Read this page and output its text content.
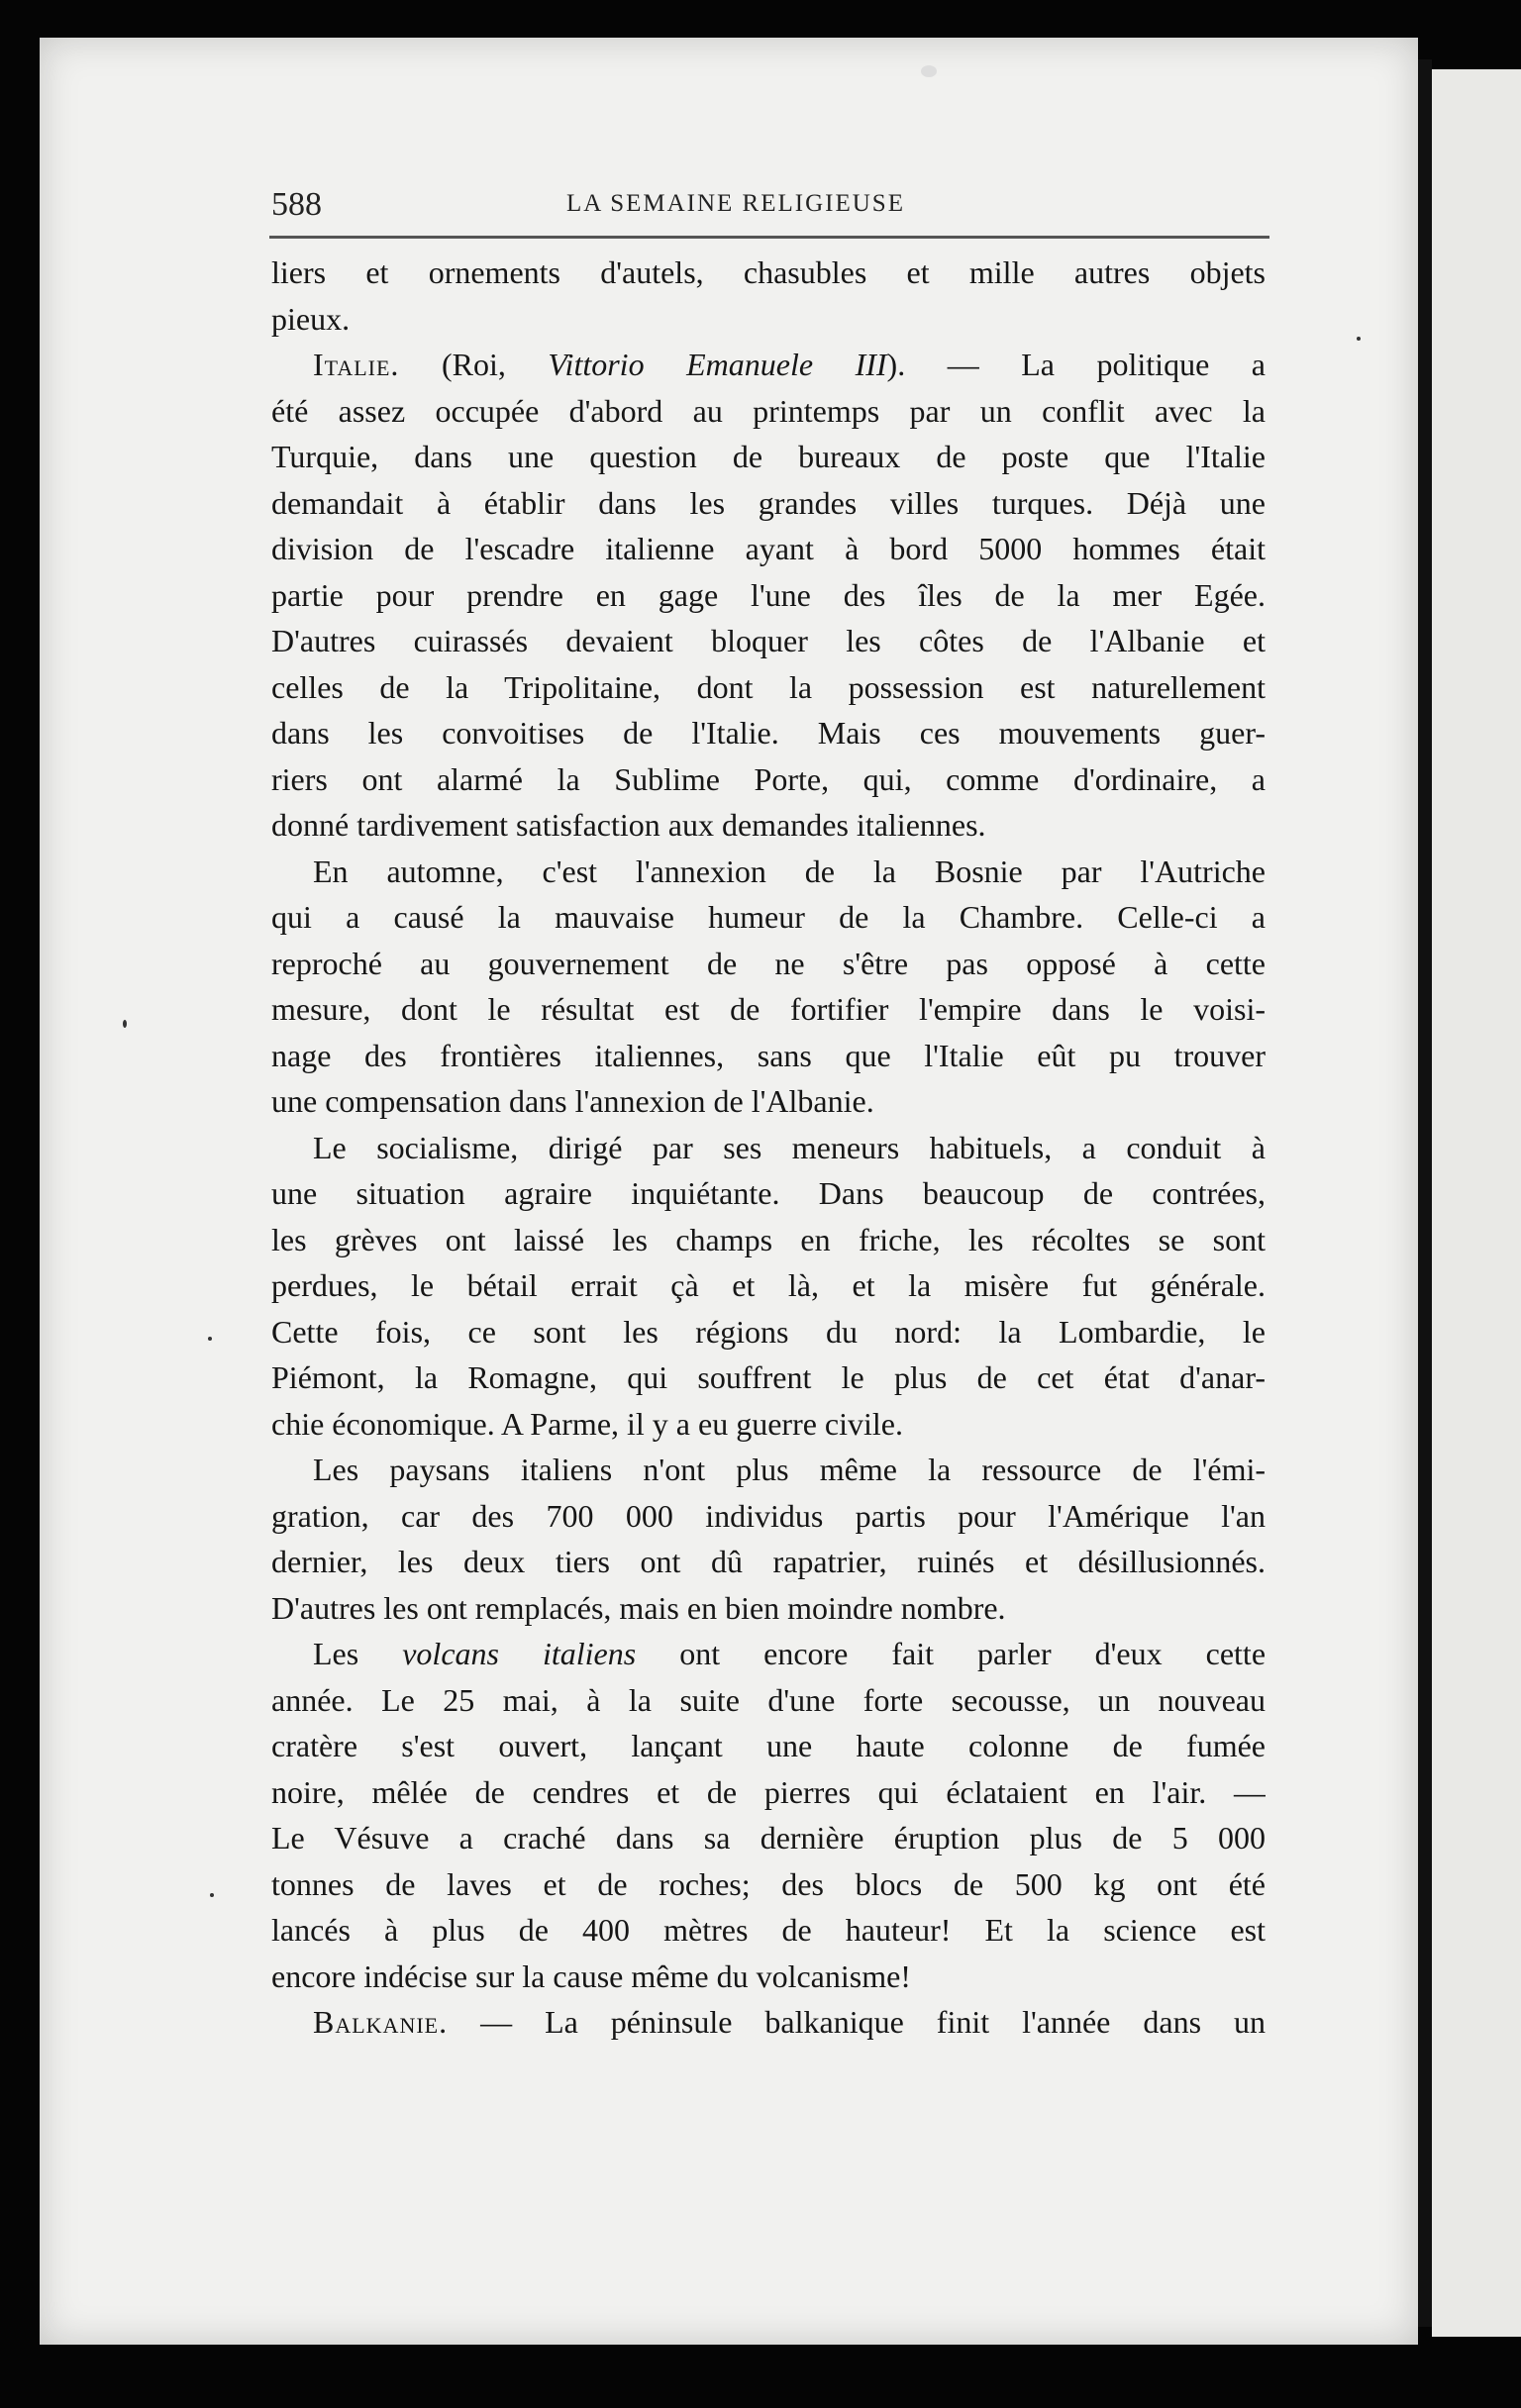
588	LA SEMAINE RELIGIEUSE
liers et ornements d'autels, chasubles et mille autres objets
pieux.
Italie. (Roi, Vittorio Emanuele III). — La politique a
été assez occupée d'abord au printemps par un conflit avec la
Turquie, dans une question de bureaux de poste que l'Italie
demandait à établir dans les grandes villes turques. Déjà une
division de l'escadre italienne ayant à bord 5000 hommes était
partie pour prendre en gage l'une des îles de la mer Egée.
D'autres cuirassés devaient bloquer les côtes de l'Albanie et
celles de la Tripolitaine, dont la possession est naturellement
dans les convoitises de l'Italie. Mais ces mouvements guer-
riers ont alarmé la Sublime Porte, qui, comme d'ordinaire, a
donné tardivement satisfaction aux demandes italiennes.
En automne, c'est l'annexion de la Bosnie par l'Autriche
qui a causé la mauvaise humeur de la Chambre. Celle-ci a
reproché au gouvernement de ne s'être pas opposé à cette
mesure, dont le résultat est de fortifier l'empire dans le voisi-
nage des frontières italiennes, sans que l'Italie eût pu trouver
une compensation dans l'annexion de l'Albanie.
Le socialisme, dirigé par ses meneurs habituels, a conduit à
une situation agraire inquiétante. Dans beaucoup de contrées,
les grèves ont laissé les champs en friche, les récoltes se sont
perdues, le bétail errait çà et là, et la misère fut générale.
Cette fois, ce sont les régions du nord: la Lombardie, le
Piémont, la Romagne, qui souffrent le plus de cet état d'anar-
chie économique. A Parme, il y a eu guerre civile.
Les paysans italiens n'ont plus même la ressource de l'émi-
gration, car des 700 000 individus partis pour l'Amérique l'an
dernier, les deux tiers ont dû rapatrier, ruinés et désillusionnés.
D'autres les ont remplacés, mais en bien moindre nombre.
Les volcans italiens ont encore fait parler d'eux cette
année. Le 25 mai, à la suite d'une forte secousse, un nouveau
cratère s'est ouvert, lançant une haute colonne de fumée
noire, mêlée de cendres et de pierres qui éclataient en l'air. —
Le Vésuve a craché dans sa dernière éruption plus de 5 000
tonnes de laves et de roches; des blocs de 500 kg ont été
lancés à plus de 400 mètres de hauteur! Et la science est
encore indécise sur la cause même du volcanisme!
Balkanie. — La péninsule balkanique finit l'année dans un
